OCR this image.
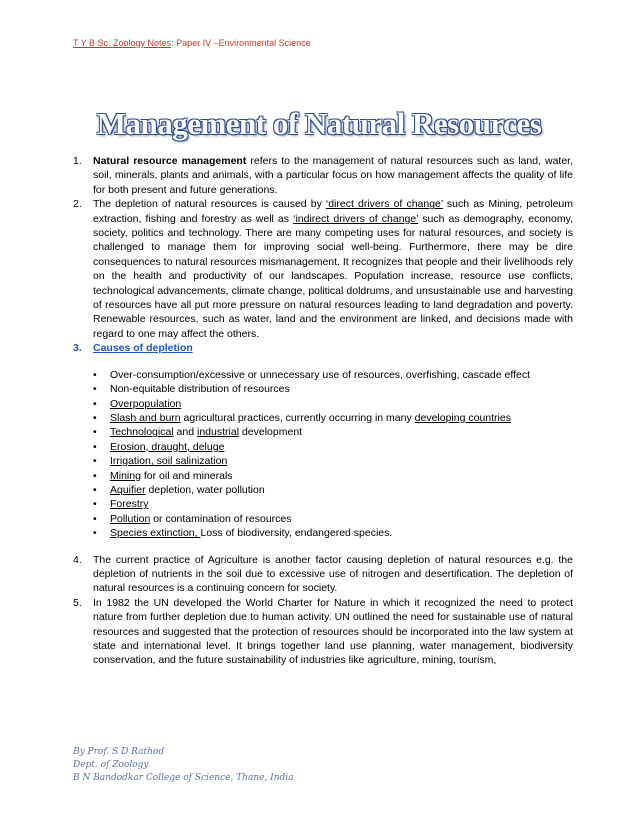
T Y B Sc. Zoology Notes: Paper IV –Environmental Science
Management of Natural Resources
1. Natural resource management refers to the management of natural resources such as land, water, soil, minerals, plants and animals, with a particular focus on how management affects the quality of life for both present and future generations.
2. The depletion of natural resources is caused by ‘direct drivers of change’ such as Mining, petroleum extraction, fishing and forestry as well as ‘indirect drivers of change’ such as demography, economy, society, politics and technology. There are many competing uses for natural resources, and society is challenged to manage them for improving social well-being. Furthermore, there may be dire consequences to natural resources mismanagement. It recognizes that people and their livelihoods rely on the health and productivity of our landscapes. Population increase, resource use conflicts, technological advancements, climate change, political doldrums, and unsustainable use and harvesting of resources have all put more pressure on natural resources leading to land degradation and poverty. Renewable resources, such as water, land and the environment are linked, and decisions made with regard to one may affect the others.
3. Causes of depletion
• Over-consumption/excessive or unnecessary use of resources, overfishing, cascade effect
• Non-equitable distribution of resources
• Overpopulation
• Slash and burn agricultural practices, currently occurring in many developing countries
• Technological and industrial development
• Erosion, draught, deluge
• Irrigation, soil salinization
• Mining for oil and minerals
• Aquifier depletion, water pollution
• Forestry
• Pollution or contamination of resources
• Species extinction, Loss of biodiversity, endangered species.
4. The current practice of Agriculture is another factor causing depletion of natural resources e.g. the depletion of nutrients in the soil due to excessive use of nitrogen and desertification. The depletion of natural resources is a continuing concern for society.
5. In 1982 the UN developed the World Charter for Nature in which it recognized the need to protect nature from further depletion due to human activity. UN outlined the need for sustainable use of natural resources and suggested that the protection of resources should be incorporated into the law system at state and international level. It brings together land use planning, water management, biodiversity conservation, and the future sustainability of industries like agriculture, mining, tourism,
By Prof. S D Rathod
Dept. of Zoology
B N Bandodkar College of Science, Thane, India
